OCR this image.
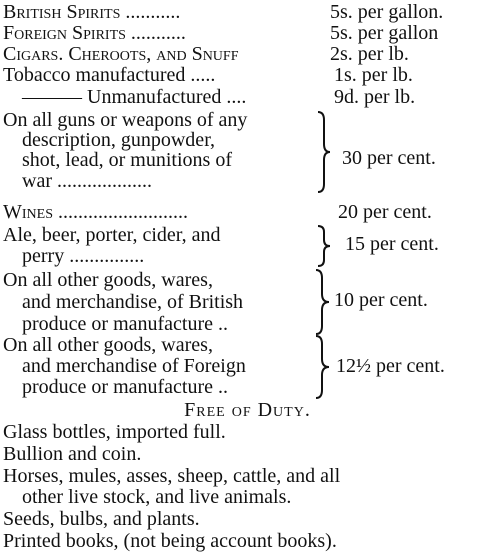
British Spirits ...........	5s. per gallon.
Foreign Spirits ...........	5s. per gallon
Cigars. Cheroots, and Snuff	2s. per lb.
Tobacco manufactured .....	1s. per lb.
——— Unmanufactured ....	9d. per lb.
On all guns or weapons of any
description, gunpowder,
shot, lead, or munitions of
war ...................
30 per cent.
Wines ..........................	20 per cent.
Ale, beer, porter, cider, and
perry ...............
15 per cent.
On all other goods, wares,
and merchandise, of British
produce or manufacture ..
10 per cent.
On all other goods, wares,
and merchandise of Foreign
produce or manufacture ..
12½ per cent.
Free of Duty.
Glass bottles, imported full.
Bullion and coin.
Horses, mules, asses, sheep, cattle, and all
other live stock, and live animals.
Seeds, bulbs, and plants.
Printed books, (not being account books).
